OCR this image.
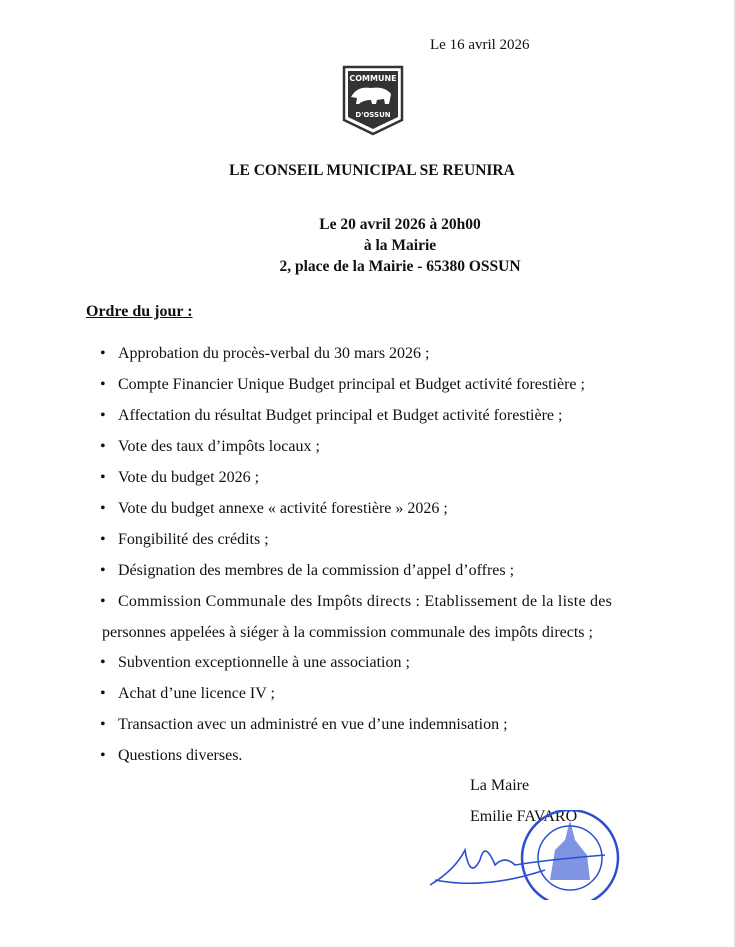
Le 16 avril 2026
COMMUNE
D'OSSUN
LE CONSEIL MUNICIPAL SE REUNIRA
Le 20 avril 2026 à 20h00
à la Mairie
2, place de la Mairie - 65380 OSSUN
Ordre du jour :
• Approbation du procès-verbal du 30 mars 2026 ;
• Compte Financier Unique Budget principal et Budget activité forestière ;
• Affectation du résultat Budget principal et Budget activité forestière ;
• Vote des taux d’impôts locaux ;
• Vote du budget 2026 ;
• Vote du budget annexe « activité forestière » 2026 ;
• Fongibilité des crédits ;
• Désignation des membres de la commission d’appel d’offres ;
• Commission Communale des Impôts directs : Etablissement de la liste des
• Subvention exceptionnelle à une association ;
• Achat d’une licence IV ;
• Transaction avec un administré en vue d’une indemnisation ;
• Questions diverses.
personnes appelées à siéger à la commission communale des impôts directs ;
La Maire
Emilie FAVARO
